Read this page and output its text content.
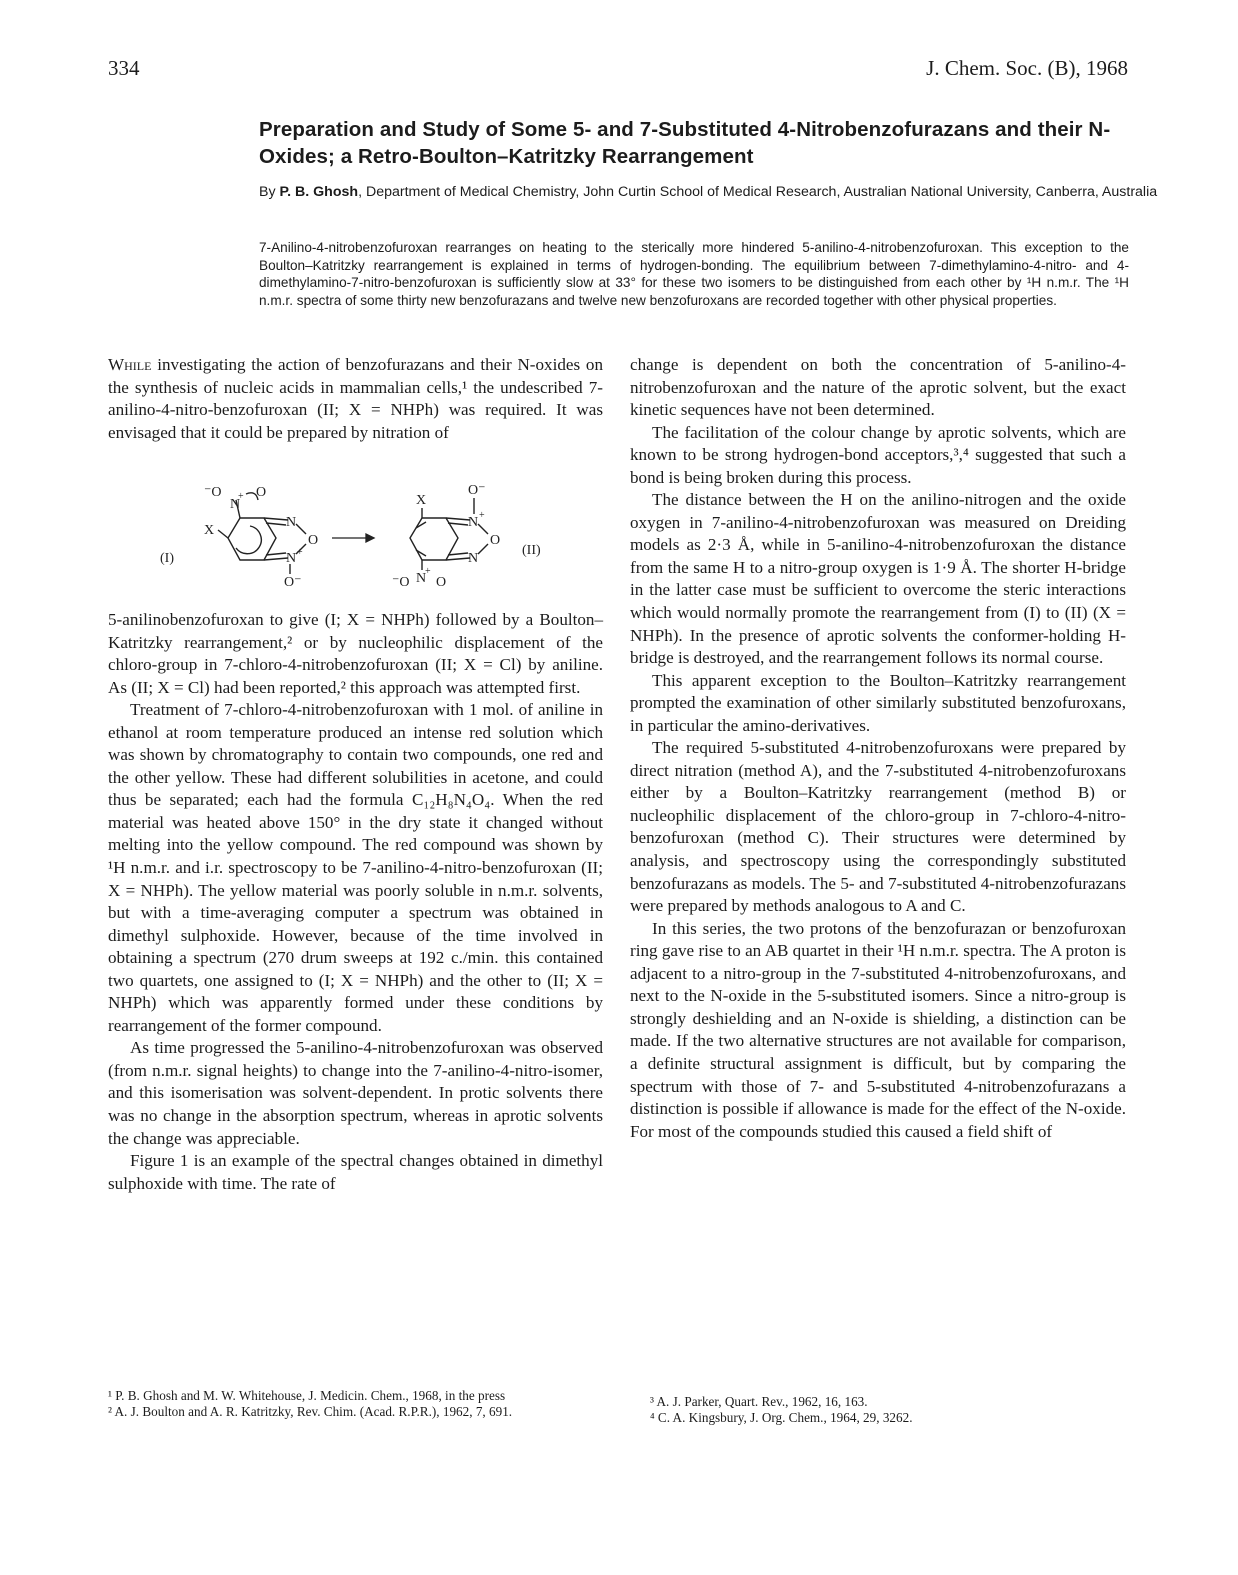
334	J. Chem. Soc. (B), 1968
Preparation and Study of Some 5- and 7-Substituted 4-Nitrobenzofurazans and their N-Oxides; a Retro-Boulton–Katritzky Rearrangement
By P. B. Ghosh, Department of Medical Chemistry, John Curtin School of Medical Research, Australian National University, Canberra, Australia
7-Anilino-4-nitrobenzofuroxan rearranges on heating to the sterically more hindered 5-anilino-4-nitrobenzofuroxan. This exception to the Boulton–Katritzky rearrangement is explained in terms of hydrogen-bonding. The equilibrium between 7-dimethylamino-4-nitro- and 4-dimethylamino-7-nitro-benzofuroxan is sufficiently slow at 33° for these two isomers to be distinguished from each other by ¹H n.m.r. The ¹H n.m.r. spectra of some thirty new benzofurazans and twelve new benzofuroxans are recorded together with other physical properties.

While investigating the action of benzofurazans and their N-oxides on the synthesis of nucleic acids in mammalian cells,¹ the undescribed 7-anilino-4-nitro-benzofuroxan (II; X = NHPh) was required. It was envisaged that it could be prepared by nitration of

(I)
⁻O
N
+ O
X
N
O
N +
O⁻
X
O⁻
N +
O
N
(II)
⁻O N
+
O

5-anilinobenzofuroxan to give (I; X = NHPh) followed by a Boulton–Katritzky rearrangement,² or by nucleophilic displacement of the chloro-group in 7-chloro-4-nitrobenzofuroxan (II; X = Cl) by aniline. As (II; X = Cl) had been reported,² this approach was attempted first.

Treatment of 7-chloro-4-nitrobenzofuroxan with 1 mol. of aniline in ethanol at room temperature produced an intense red solution which was shown by chromatography to contain two compounds, one red and the other yellow. These had different solubilities in acetone, and could thus be separated; each had the formula C₁₂H₈N₄O₄. When the red material was heated above 150° in the dry state it changed without melting into the yellow compound. The red compound was shown by ¹H n.m.r. and i.r. spectroscopy to be 7-anilino-4-nitro-benzofuroxan (II; X = NHPh). The yellow material was poorly soluble in n.m.r. solvents, but with a time-averaging computer a spectrum was obtained in dimethyl sulphoxide. However, because of the time involved in obtaining a spectrum (270 drum sweeps at 192 c./min. this contained two quartets, one assigned to (I; X = NHPh) and the other to (II; X = NHPh) which was apparently formed under these conditions by rearrangement of the former compound.

As time progressed the 5-anilino-4-nitrobenzofuroxan was observed (from n.m.r. signal heights) to change into the 7-anilino-4-nitro-isomer, and this isomerisation was solvent-dependent. In protic solvents there was no change in the absorption spectrum, whereas in aprotic solvents the change was appreciable.

Figure 1 is an example of the spectral changes obtained in dimethyl sulphoxide with time. The rate of

¹ P. B. Ghosh and M. W. Whitehouse, J. Medicin. Chem., 1968, in the press

² A. J. Boulton and A. R. Katritzky, Rev. Chim. (Acad. R.P.R.), 1962, 7, 691.

change is dependent on both the concentration of 5-anilino-4-nitrobenzofuroxan and the nature of the aprotic solvent, but the exact kinetic sequences have not been determined.

The facilitation of the colour change by aprotic solvents, which are known to be strong hydrogen-bond acceptors,³,⁴ suggested that such a bond is being broken during this process.

The distance between the H on the anilino-nitrogen and the oxide oxygen in 7-anilino-4-nitrobenzofuroxan was measured on Dreiding models as 2·3 Å, while in 5-anilino-4-nitrobenzofuroxan the distance from the same H to a nitro-group oxygen is 1·9 Å. The shorter H-bridge in the latter case must be sufficient to overcome the steric interactions which would normally promote the rearrangement from (I) to (II) (X = NHPh). In the presence of aprotic solvents the conformer-holding H-bridge is destroyed, and the rearrangement follows its normal course.

This apparent exception to the Boulton–Katritzky rearrangement prompted the examination of other similarly substituted benzofuroxans, in particular the amino-derivatives.

The required 5-substituted 4-nitrobenzofuroxans were prepared by direct nitration (method A), and the 7-substituted 4-nitrobenzofuroxans either by a Boulton–Katritzky rearrangement (method B) or nucleophilic displacement of the chloro-group in 7-chloro-4-nitro-benzofuroxan (method C). Their structures were determined by analysis, and spectroscopy using the correspondingly substituted benzofurazans as models. The 5- and 7-substituted 4-nitrobenzofurazans were prepared by methods analogous to A and C.

In this series, the two protons of the benzofurazan or benzofuroxan ring gave rise to an AB quartet in their ¹H n.m.r. spectra. The A proton is adjacent to a nitro-group in the 7-substituted 4-nitrobenzofuroxans, and next to the N-oxide in the 5-substituted isomers. Since a nitro-group is strongly deshielding and an N-oxide is shielding, a distinction can be made. If the two alternative structures are not available for comparison, a definite structural assignment is difficult, but by comparing the spectrum with those of 7- and 5-substituted 4-nitrobenzofurazans a distinction is possible if allowance is made for the effect of the N-oxide. For most of the compounds studied this caused a field shift of

³ A. J. Parker, Quart. Rev., 1962, 16, 163.

⁴ C. A. Kingsbury, J. Org. Chem., 1964, 29, 3262.
